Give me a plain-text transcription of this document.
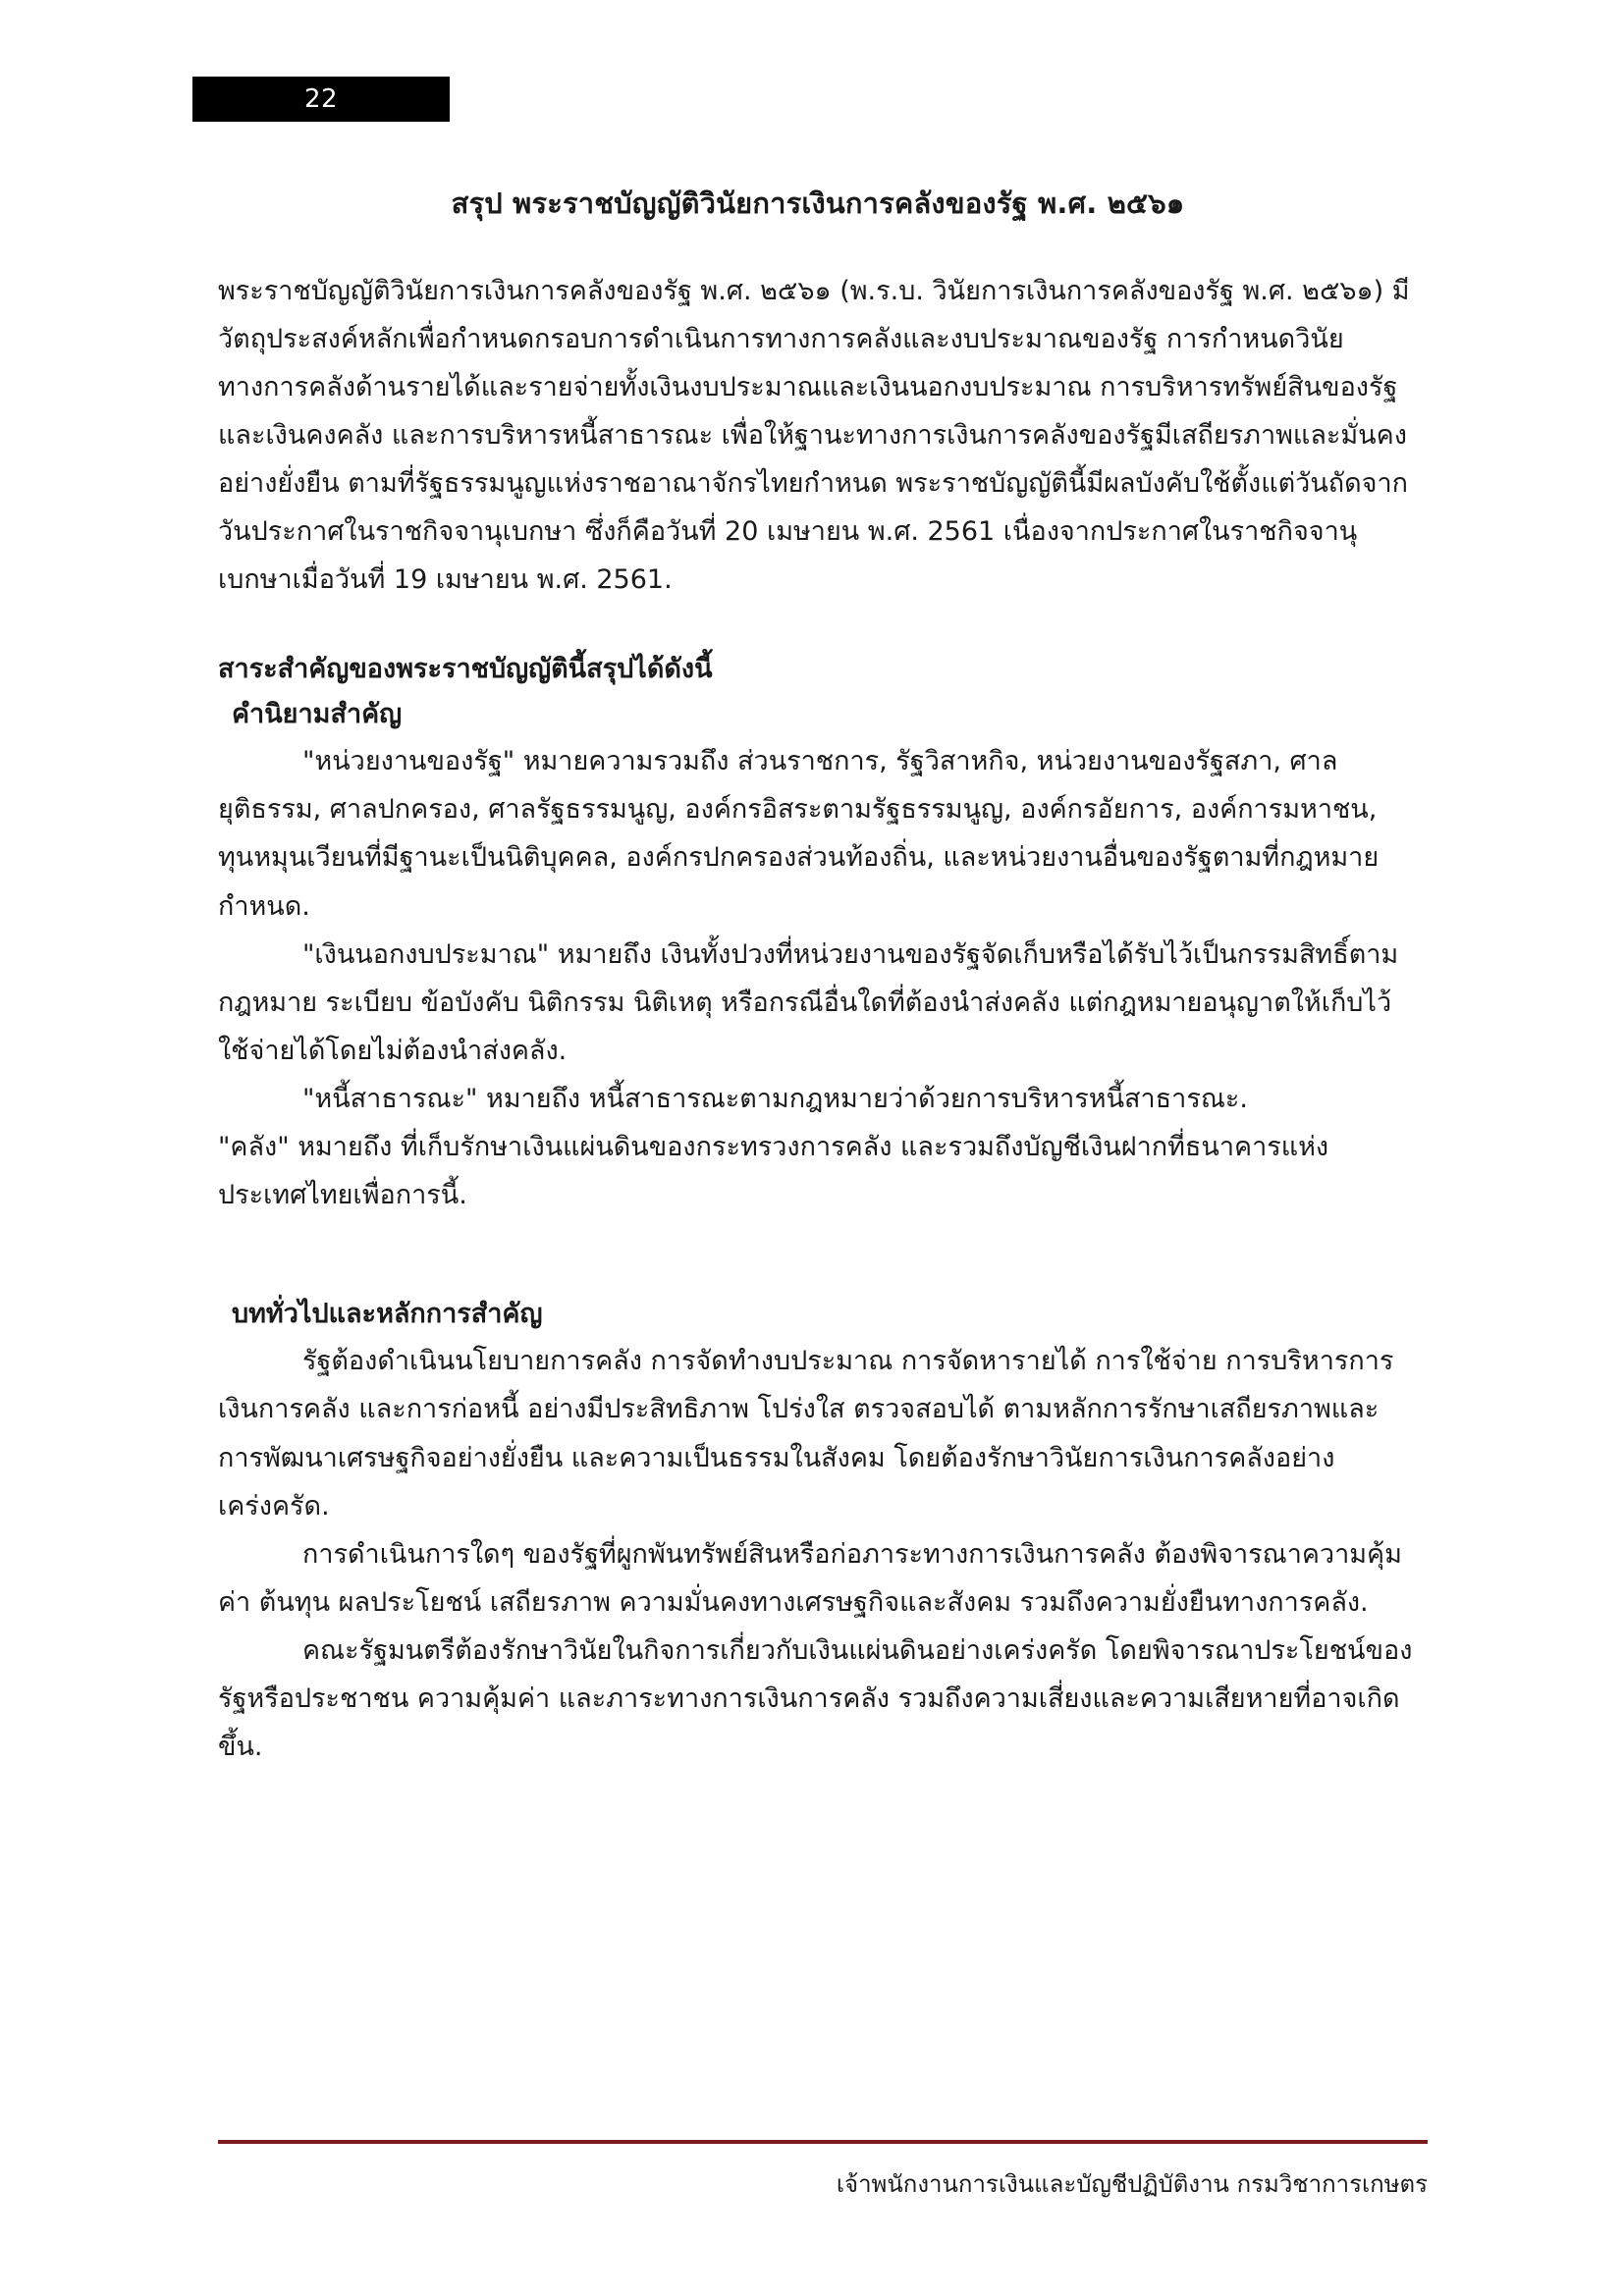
22
สรุป พระราชบัญญัติวินัยการเงินการคลังของรัฐ พ.ศ. ๒๕๖๑

พระราชบัญญัติวินัยการเงินการคลังของรัฐ พ.ศ. ๒๕๖๑ (พ.ร.บ. วินัยการเงินการคลังของรัฐ พ.ศ. ๒๕๖๑) มีวัตถุประสงค์หลักเพื่อกำหนดกรอบการดำเนินการทางการคลังและงบประมาณของรัฐ การกำหนดวินัยทางการคลังด้านรายได้และรายจ่ายทั้งเงินงบประมาณและเงินนอกงบประมาณ การบริหารทรัพย์สินของรัฐและเงินคงคลัง และการบริหารหนี้สาธารณะ เพื่อให้ฐานะทางการเงินการคลังของรัฐมีเสถียรภาพและมั่นคงอย่างยั่งยืน ตามที่รัฐธรรมนูญแห่งราชอาณาจักรไทยกำหนด พระราชบัญญัตินี้มีผลบังคับใช้ตั้งแต่วันถัดจากวันประกาศในราชกิจจานุเบกษา ซึ่งก็คือวันที่ 20 เมษายน พ.ศ. 2561 เนื่องจากประกาศในราชกิจจานุเบกษาเมื่อวันที่ 19 เมษายน พ.ศ. 2561.

สาระสำคัญของพระราชบัญญัตินี้สรุปได้ดังนี้
คำนิยามสำคัญ

"หน่วยงานของรัฐ" หมายความรวมถึง ส่วนราชการ, รัฐวิสาหกิจ, หน่วยงานของรัฐสภา, ศาลยุติธรรม, ศาลปกครอง, ศาลรัฐธรรมนูญ, องค์กรอิสระตามรัฐธรรมนูญ, องค์กรอัยการ, องค์การมหาชน, ทุนหมุนเวียนที่มีฐานะเป็นนิติบุคคล, องค์กรปกครองส่วนท้องถิ่น, และหน่วยงานอื่นของรัฐตามที่กฎหมายกำหนด.

"เงินนอกงบประมาณ" หมายถึง เงินทั้งปวงที่หน่วยงานของรัฐจัดเก็บหรือได้รับไว้เป็นกรรมสิทธิ์ตามกฎหมาย ระเบียบ ข้อบังคับ นิติกรรม นิติเหตุ หรือกรณีอื่นใดที่ต้องนำส่งคลัง แต่กฎหมายอนุญาตให้เก็บไว้ใช้จ่ายได้โดยไม่ต้องนำส่งคลัง.

"หนี้สาธารณะ" หมายถึง หนี้สาธารณะตามกฎหมายว่าด้วยการบริหารหนี้สาธารณะ.

"คลัง" หมายถึง ที่เก็บรักษาเงินแผ่นดินของกระทรวงการคลัง และรวมถึงบัญชีเงินฝากที่ธนาคารแห่งประเทศไทยเพื่อการนี้.

บททั่วไปและหลักการสำคัญ

รัฐต้องดำเนินนโยบายการคลัง การจัดทำงบประมาณ การจัดหารายได้ การใช้จ่าย การบริหารการเงินการคลัง และการก่อหนี้ อย่างมีประสิทธิภาพ โปร่งใส ตรวจสอบได้ ตามหลักการรักษาเสถียรภาพและการพัฒนาเศรษฐกิจอย่างยั่งยืน และความเป็นธรรมในสังคม โดยต้องรักษาวินัยการเงินการคลังอย่างเคร่งครัด.

การดำเนินการใดๆ ของรัฐที่ผูกพันทรัพย์สินหรือก่อภาระทางการเงินการคลัง ต้องพิจารณาความคุ้มค่า ต้นทุน ผลประโยชน์ เสถียรภาพ ความมั่นคงทางเศรษฐกิจและสังคม รวมถึงความยั่งยืนทางการคลัง.

คณะรัฐมนตรีต้องรักษาวินัยในกิจการเกี่ยวกับเงินแผ่นดินอย่างเคร่งครัด โดยพิจารณาประโยชน์ของรัฐหรือประชาชน ความคุ้มค่า และภาระทางการเงินการคลัง รวมถึงความเสี่ยงและความเสียหายที่อาจเกิดขึ้น.

เจ้าพนักงานการเงินและบัญชีปฏิบัติงาน กรมวิชาการเกษตร
